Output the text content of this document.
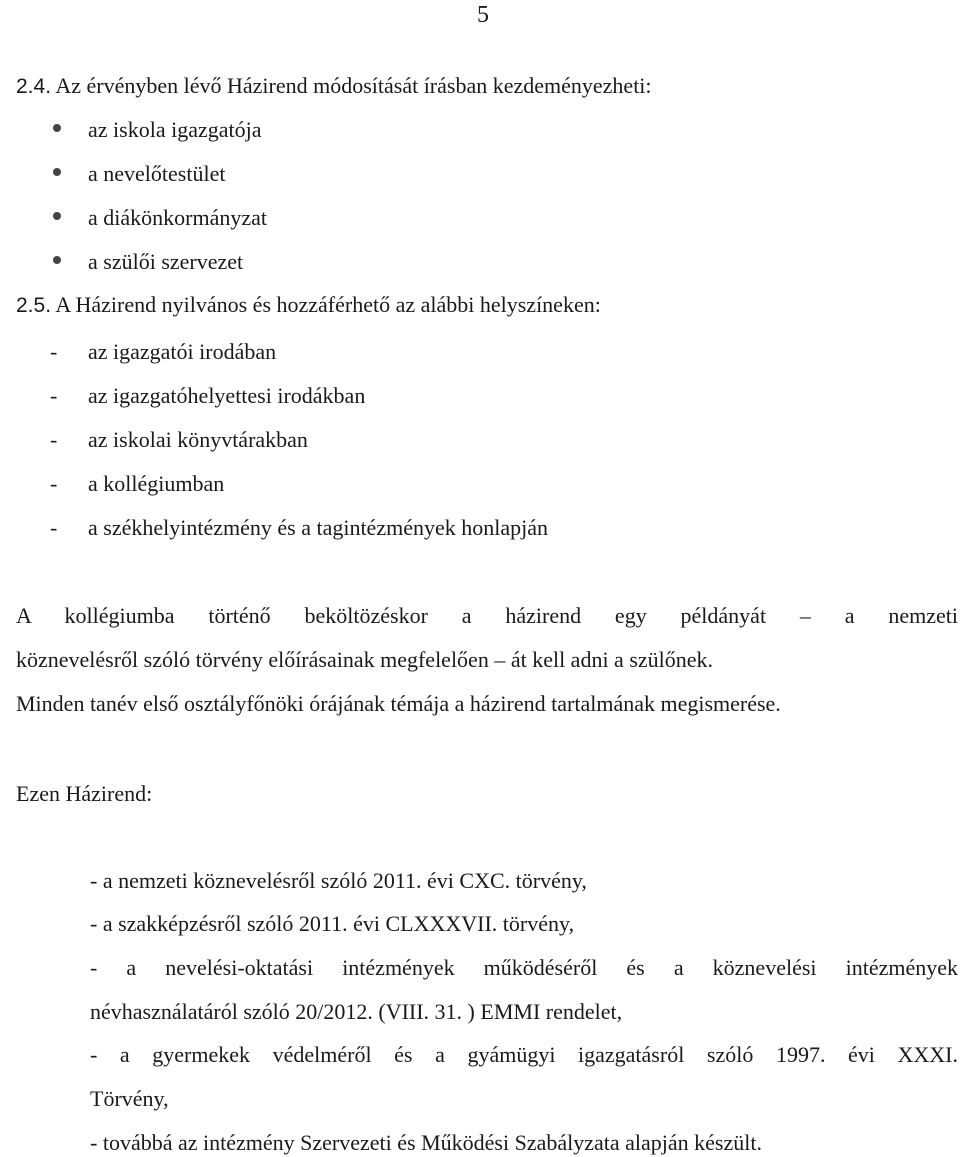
5
2.4. Az érvényben lévő Házirend módosítását írásban kezdeményezheti:
az iskola igazgatója
a nevelőtestület
a diákönkormányzat
a szülői szervezet
2.5. A Házirend nyilvános és hozzáférhető az alábbi helyszíneken:
- az igazgatói irodában
- az igazgatóhelyettesi irodákban
- az iskolai könyvtárakban
- a kollégiumban
- a székhelyintézmény és a tagintézmények honlapján
A kollégiumba történő beköltözéskor a házirend egy példányát – a nemzeti
köznevelésről szóló törvény előírásainak megfelelően – át kell adni a szülőnek.
Minden tanév első osztályfőnöki órájának témája a házirend tartalmának megismerése.
Ezen Házirend:
- a nemzeti köznevelésről szóló 2011. évi CXC. törvény,
- a szakképzésről szóló 2011. évi CLXXXVII. törvény,
- a nevelési-oktatási intézmények működéséről és a köznevelési intézmények
névhasználatáról szóló 20/2012. (VIII. 31. ) EMMI rendelet,
- a gyermekek védelméről és a gyámügyi igazgatásról szóló 1997. évi XXXI.
Törvény,
- továbbá az intézmény Szervezeti és Működési Szabályzata alapján készült.
